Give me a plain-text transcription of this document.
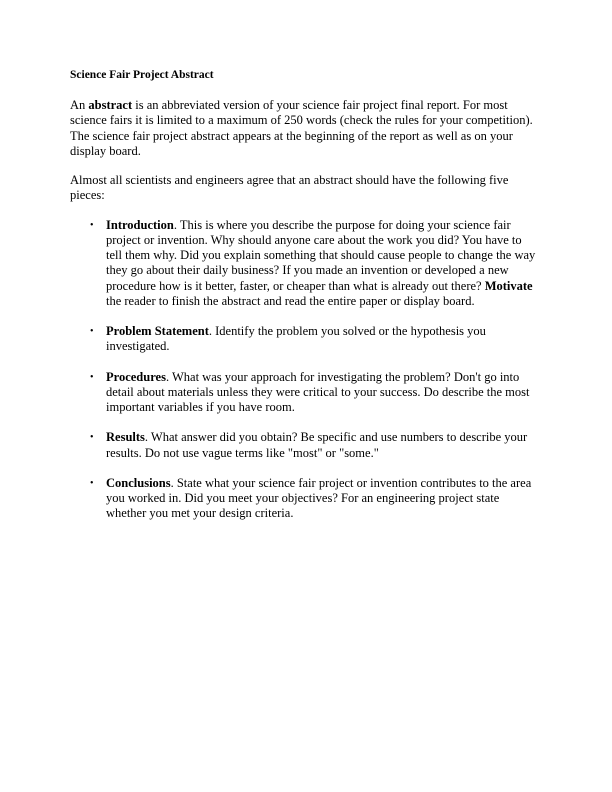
Science Fair Project Abstract

An abstract is an abbreviated version of your science fair project final report. For most science fairs it is limited to a maximum of 250 words (check the rules for your competition). The science fair project abstract appears at the beginning of the report as well as on your display board.

Almost all scientists and engineers agree that an abstract should have the following five pieces:

• Introduction. This is where you describe the purpose for doing your science fair project or invention. Why should anyone care about the work you did? You have to tell them why. Did you explain something that should cause people to change the way they go about their daily business? If you made an invention or developed a new procedure how is it better, faster, or cheaper than what is already out there? Motivate the reader to finish the abstract and read the entire paper or display board.
• Problem Statement. Identify the problem you solved or the hypothesis you investigated.
• Procedures. What was your approach for investigating the problem? Don't go into detail about materials unless they were critical to your success. Do describe the most important variables if you have room.
• Results. What answer did you obtain? Be specific and use numbers to describe your results. Do not use vague terms like "most" or "some."
• Conclusions. State what your science fair project or invention contributes to the area you worked in. Did you meet your objectives? For an engineering project state whether you met your design criteria.
